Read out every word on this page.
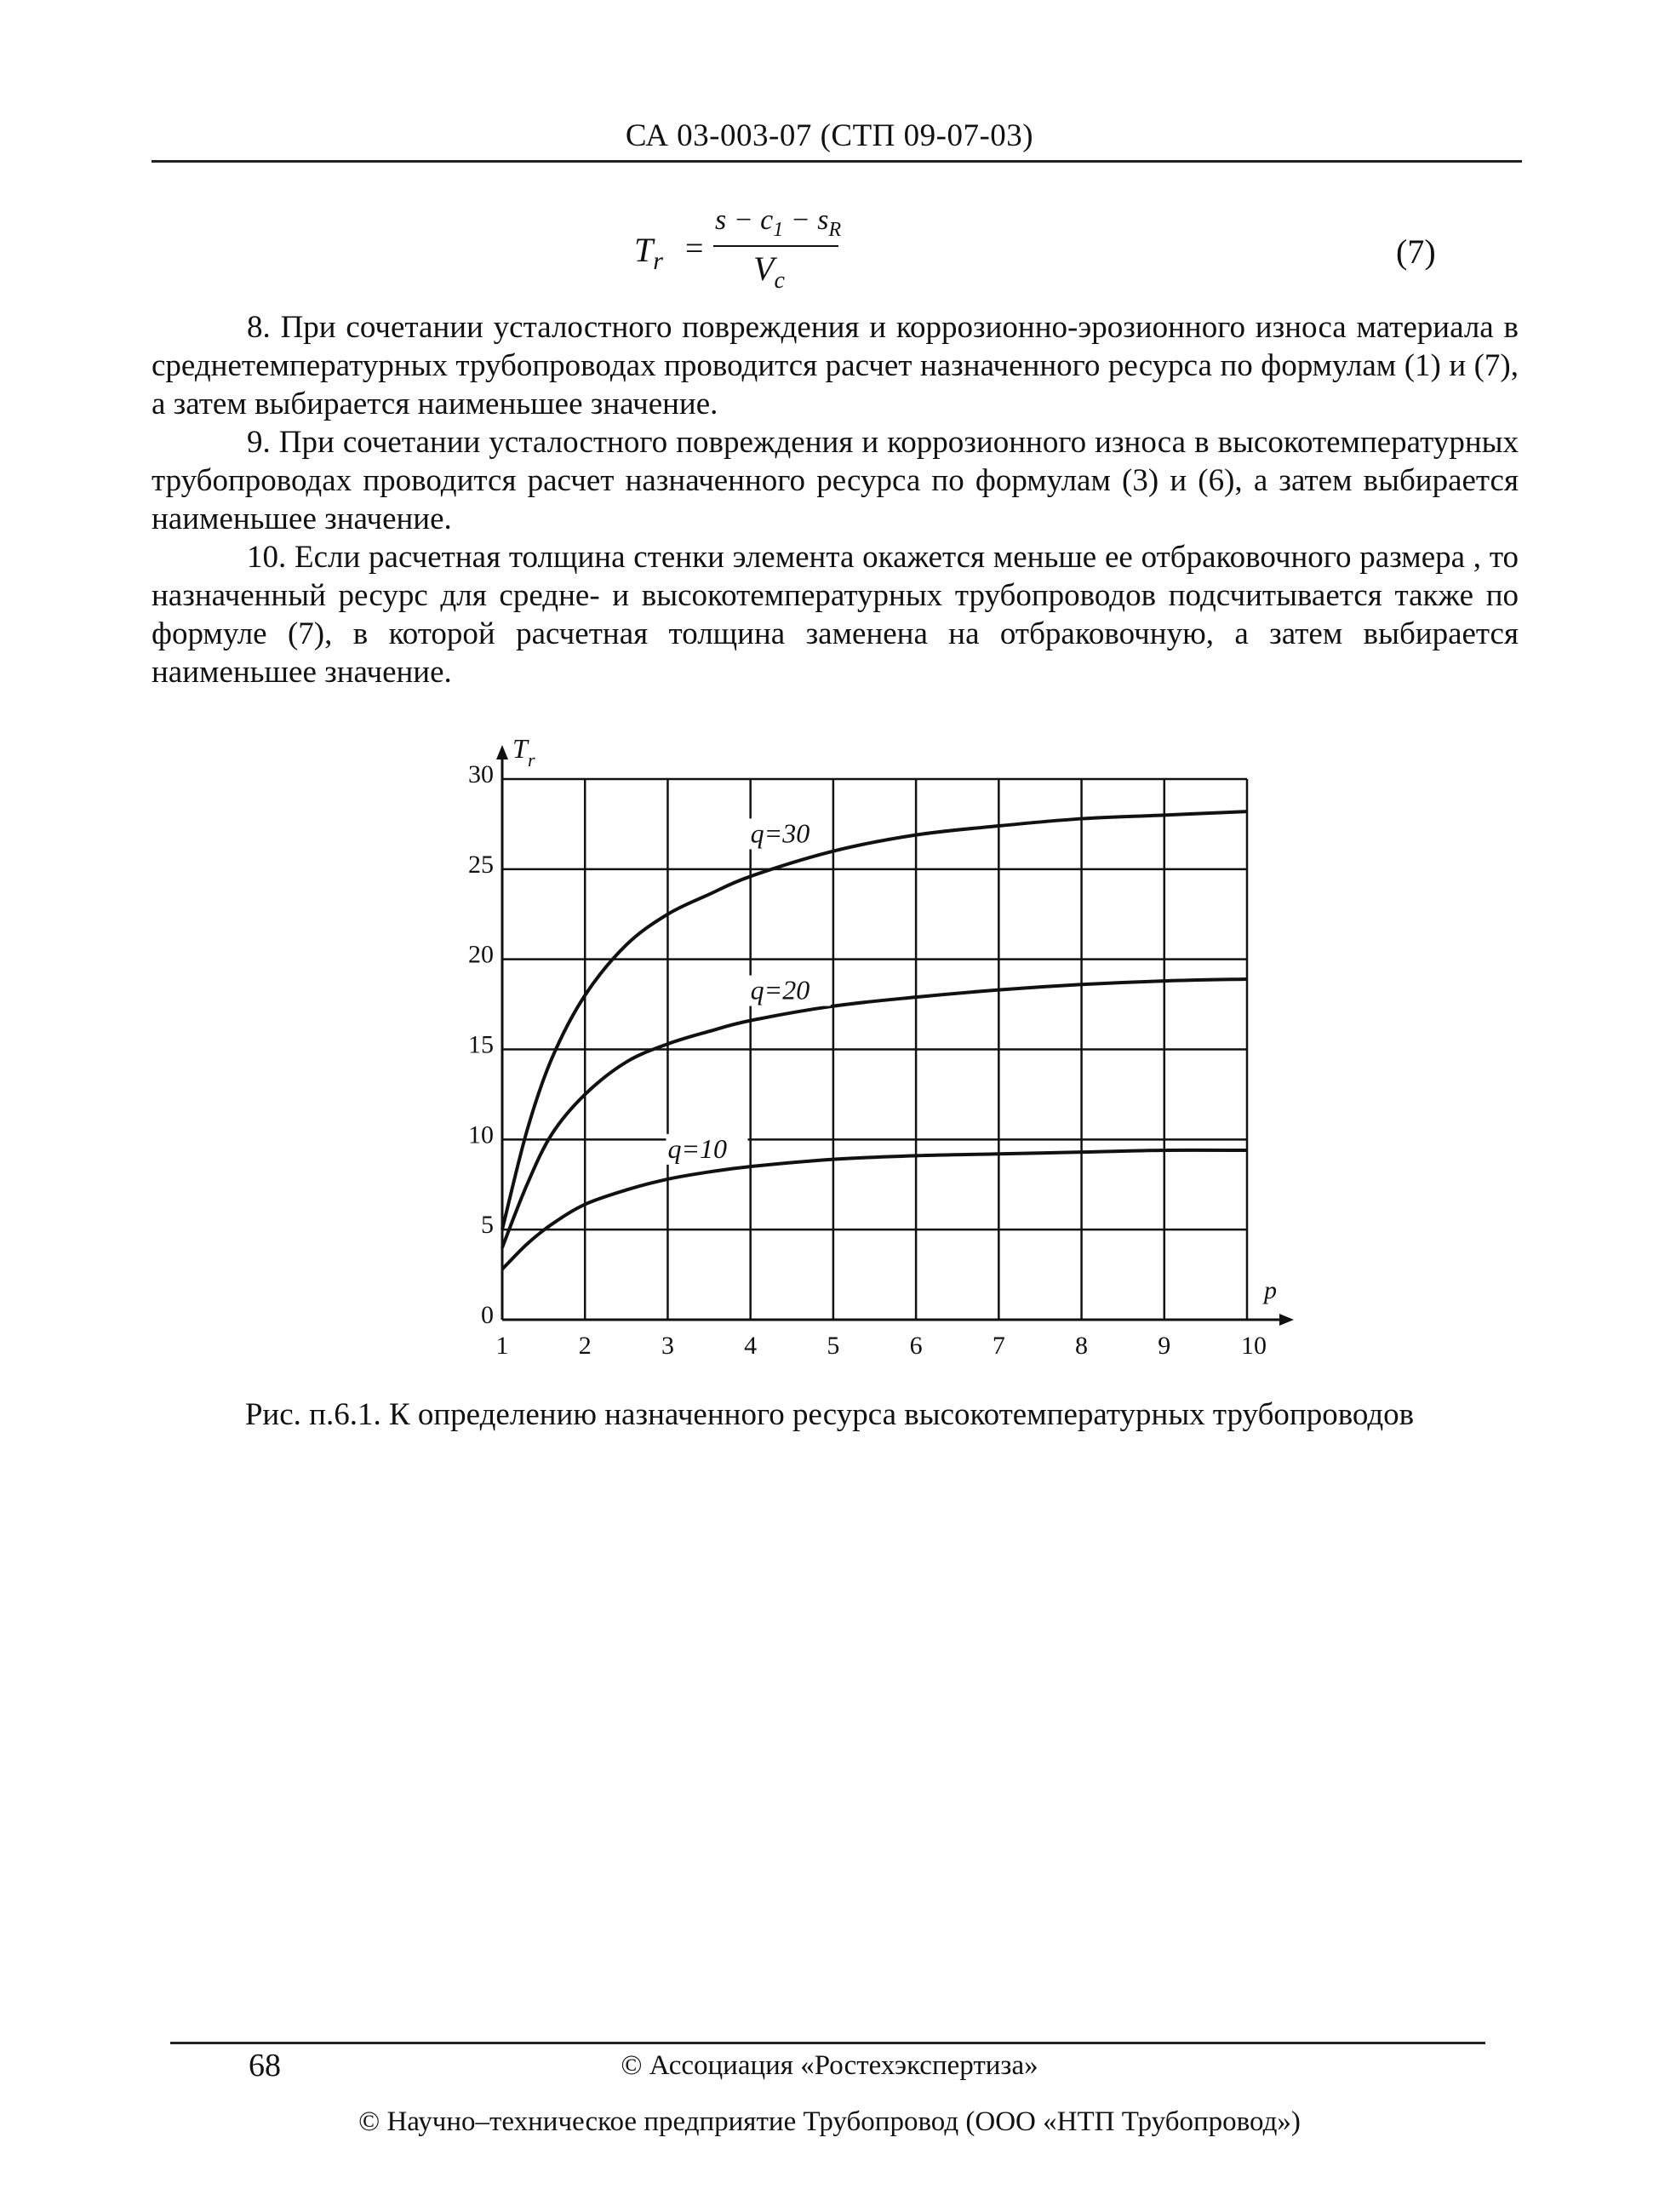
СА 03-003-07 (СТП 09-07-03)
$T_r$ =
$s - c_1 - s_R$
$V_c$
(7)

8. При сочетании усталостного повреждения и коррозионно-эрозионного износа материала в среднетемпературных трубопроводах проводится расчет назначенного ресурса по формулам (1) и (7), а затем выбирается наименьшее значение.

9. При сочетании усталостного повреждения и коррозионного износа в высокотемпературных трубопроводах проводится расчет назначенного ресурса по формулам (3) и (6), а затем выбирается наименьшее значение.

10. Если расчетная толщина стенки элемента окажется меньше ее отбраковочного размера , то назначенный ресурс для средне- и высокотемпературных трубопроводов подсчитывается также по формуле (7), в которой расчетная толщина заменена на отбраковочную, а затем выбирается наименьшее значение.

1	2	3	4	5	6	7	8	9	10
0
5
10
15
20
25
30
p
T r
q=30
q=20
q=10
Рис. п.6.1. К определению назначенного ресурса высокотемпературных трубопроводов
68	© Ассоциация «Ростехэкспертиза»
© Научно–техническое предприятие Трубопровод (ООО «НТП Трубопровод»)
